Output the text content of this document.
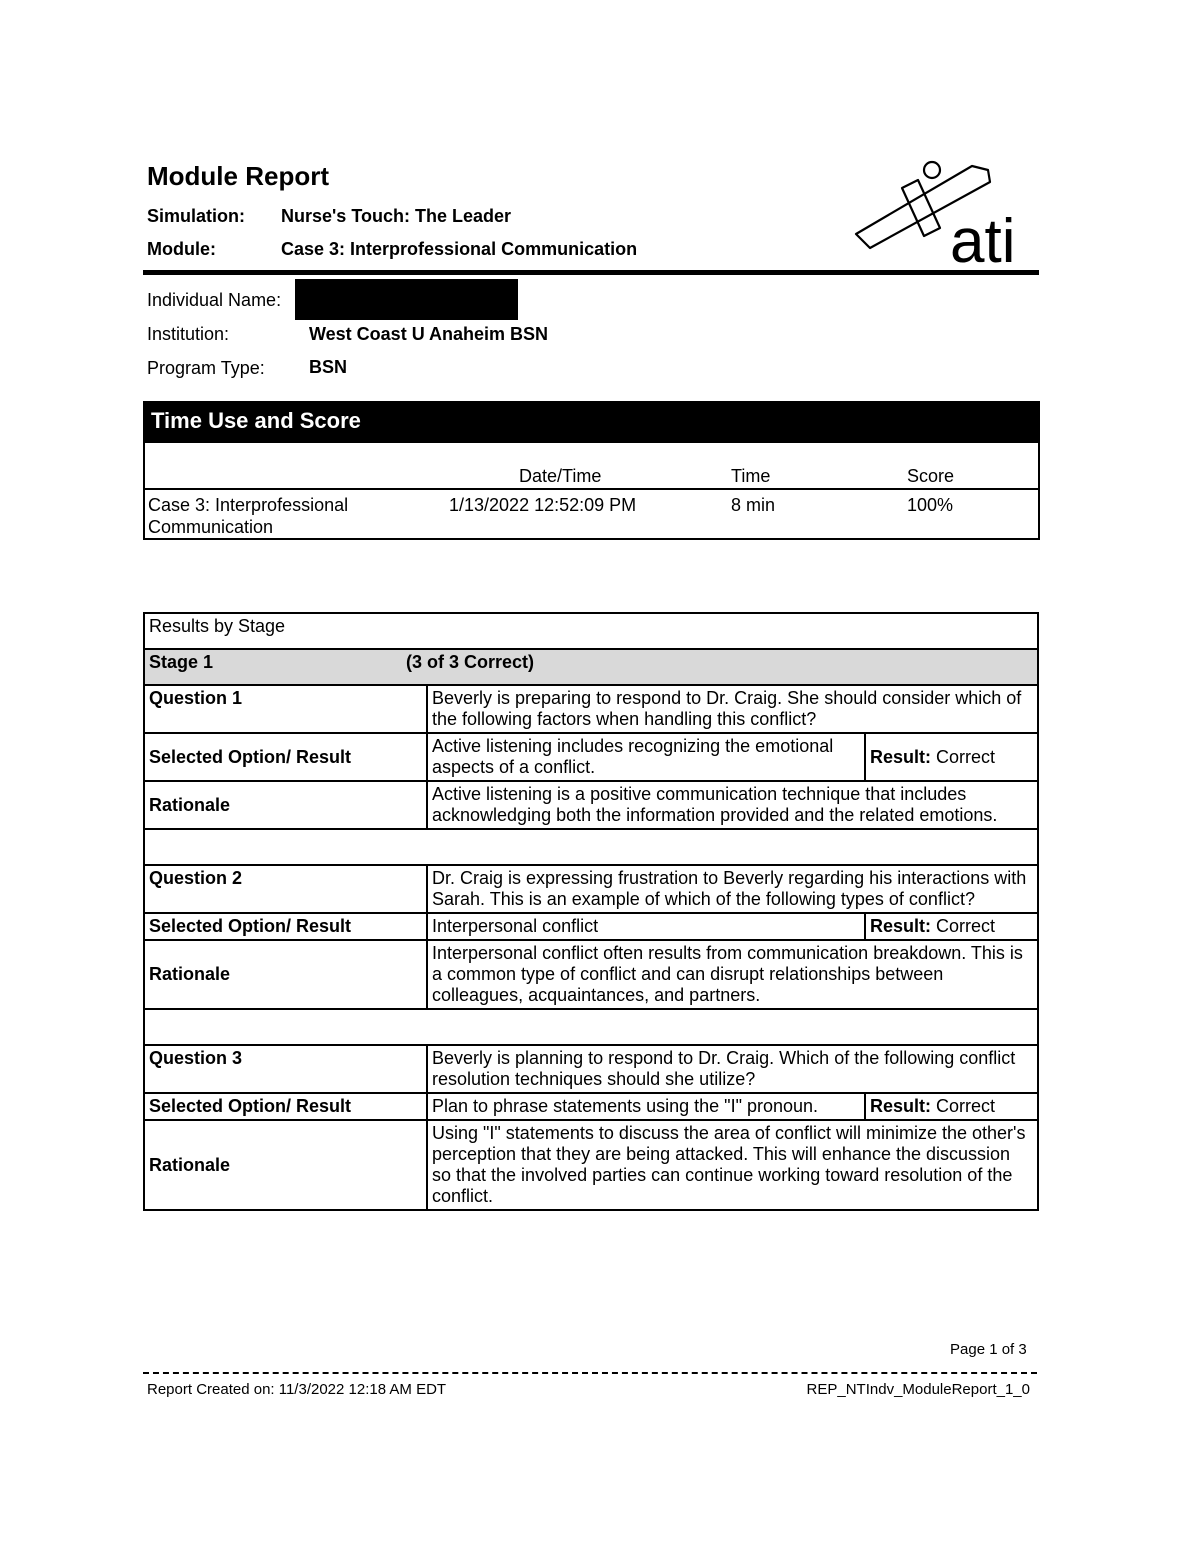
Module Report
Simulation: Nurse's Touch: The Leader
Module:	Case 3: Interprofessional Communication	ati
Individual Name:
Institution:	West Coast U Anaheim BSN
Program Type: BSN
Time Use and Score
Date/Time	Time	Score
Case 3: Interprofessional
Communication
1/13/2022 12:52:09 PM	8 min	100%
Results by Stage		
Stage 1	(3 of 3 Correct)	
Question 1	Beverly is preparing to respond to Dr. Craig. She should consider which of the following factors when handling this conflict?	
Selected Option/ Result	Active listening includes recognizing the emotional aspects of a conflict.	Result: Correct
Rationale	Active listening is a positive communication technique that includes acknowledging both the information provided and the related emotions.	

Question 2	Dr. Craig is expressing frustration to Beverly regarding his interactions with Sarah. This is an example of which of the following types of conflict?	
Selected Option/ Result	Interpersonal conflict	Result: Correct
Rationale	Interpersonal conflict often results from communication breakdown. This is a common type of conflict and can disrupt relationships between colleagues, acquaintances, and partners.	

Question 3	Beverly is planning to respond to Dr. Craig. Which of the following conflict resolution techniques should she utilize?	
Selected Option/ Result	Plan to phrase statements using the "I" pronoun.	Result: Correct
Rationale	Using "I" statements to discuss the area of conflict will minimize the other's perception that they are being attacked. This will enhance the discussion so that the involved parties can continue working toward resolution of the conflict.	
Page 1 of 3
Report Created on: 11/3/2022 12:18 AM EDT	REP_NTIndv_ModuleReport_1_0
